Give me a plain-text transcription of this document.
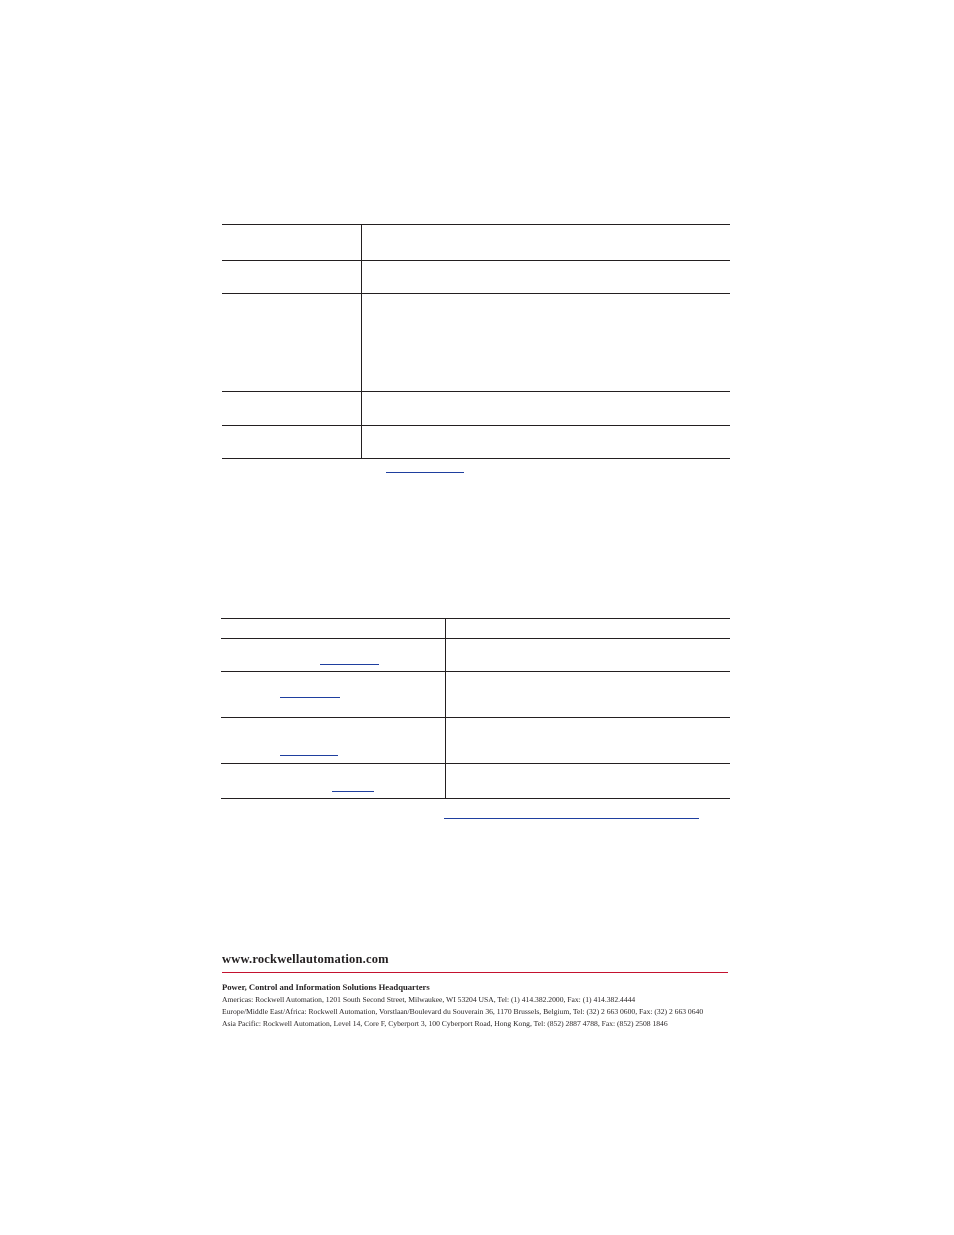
www.rockwellautomation.com
Power, Control and Information Solutions Headquarters
Americas: Rockwell Automation, 1201 South Second Street, Milwaukee, WI 53204 USA, Tel: (1) 414.382.2000, Fax: (1) 414.382.4444
Europe/Middle East/Africa: Rockwell Automation, Vorstlaan/Boulevard du Souverain 36, 1170 Brussels, Belgium, Tel: (32) 2 663 0600, Fax: (32) 2 663 0640
Asia Pacific: Rockwell Automation, Level 14, Core F, Cyberport 3, 100 Cyberport Road, Hong Kong, Tel: (852) 2887 4788, Fax: (852) 2508 1846
